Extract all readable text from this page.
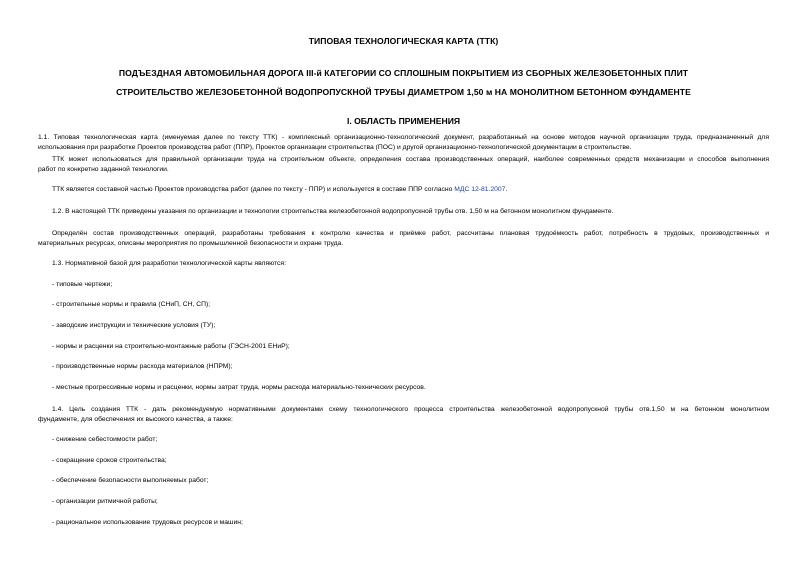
ТИПОВАЯ ТЕХНОЛОГИЧЕСКАЯ КАРТА (ТТК)
ПОДЪЕЗДНАЯ АВТОМОБИЛЬНАЯ ДОРОГА III-й КАТЕГОРИИ СО СПЛОШНЫМ ПОКРЫТИЕМ ИЗ СБОРНЫХ ЖЕЛЕЗОБЕТОННЫХ ПЛИТ
СТРОИТЕЛЬСТВО ЖЕЛЕЗОБЕТОННОЙ ВОДОПРОПУСКНОЙ ТРУБЫ ДИАМЕТРОМ 1,50 м НА МОНОЛИТНОМ БЕТОННОМ ФУНДАМЕНТЕ
I. ОБЛАСТЬ ПРИМЕНЕНИЯ
1.1. Типовая технологическая карта (именуемая далее по тексту ТТК) - комплексный организационно-технологический документ, разработанный на основе методов научной организации труда, предназначенный для
использования при разработке Проектов производства работ (ППР), Проектов организации строительства (ПОС) и другой организационно-технологической документации в строительстве.
ТТК может использоваться для правильной организации труда на строительном объекте, определения состава производственных операций, наиболее современных средств механизации и способов выполнения
работ по конкретно заданной технологии.
ТТК является составной частью Проектов производства работ (далее по тексту - ППР) и используется в составе ППР согласно МДС 12-81.2007.
1.2. В настоящей ТТК приведены указания по организации и технологии строительства железобетонной водопропускной трубы отв. 1,50 м на бетонном монолитном фундаменте.
Определён состав производственных операций, разработаны требования к контролю качества и приёмке работ, рассчитаны плановая трудоёмкость работ, потребность в трудовых, производственных и
материальных ресурсах, описаны мероприятия по промышленной безопасности и охране труда.
1.3. Нормативной базой для разработки технологической карты являются:
- типовые чертежи;
- строительные нормы и правила (СНиП, СН, СП);
- заводские инструкции и технические условия (ТУ);
- нормы и расценки на строительно-монтажные работы (ГЭСН-2001 ЕНиР);
- производственные нормы расхода материалов (НПРМ);
- местные прогрессивные нормы и расценки, нормы затрат труда, нормы расхода материально-технических ресурсов.
1.4. Цель создания ТТК - дать рекомендуемую нормативными документами схему технологического процесса строительства железобетонной водопропускной трубы отв.1,50 м на бетонном монолитном
фундаменте, для обеспечения их высокого качества, а также:
- снижение себестоимости работ;
- сокращение сроков строительства;
- обеспечение безопасности выполняемых работ;
- организации ритмичной работы;
- рациональное использование трудовых ресурсов и машин;
